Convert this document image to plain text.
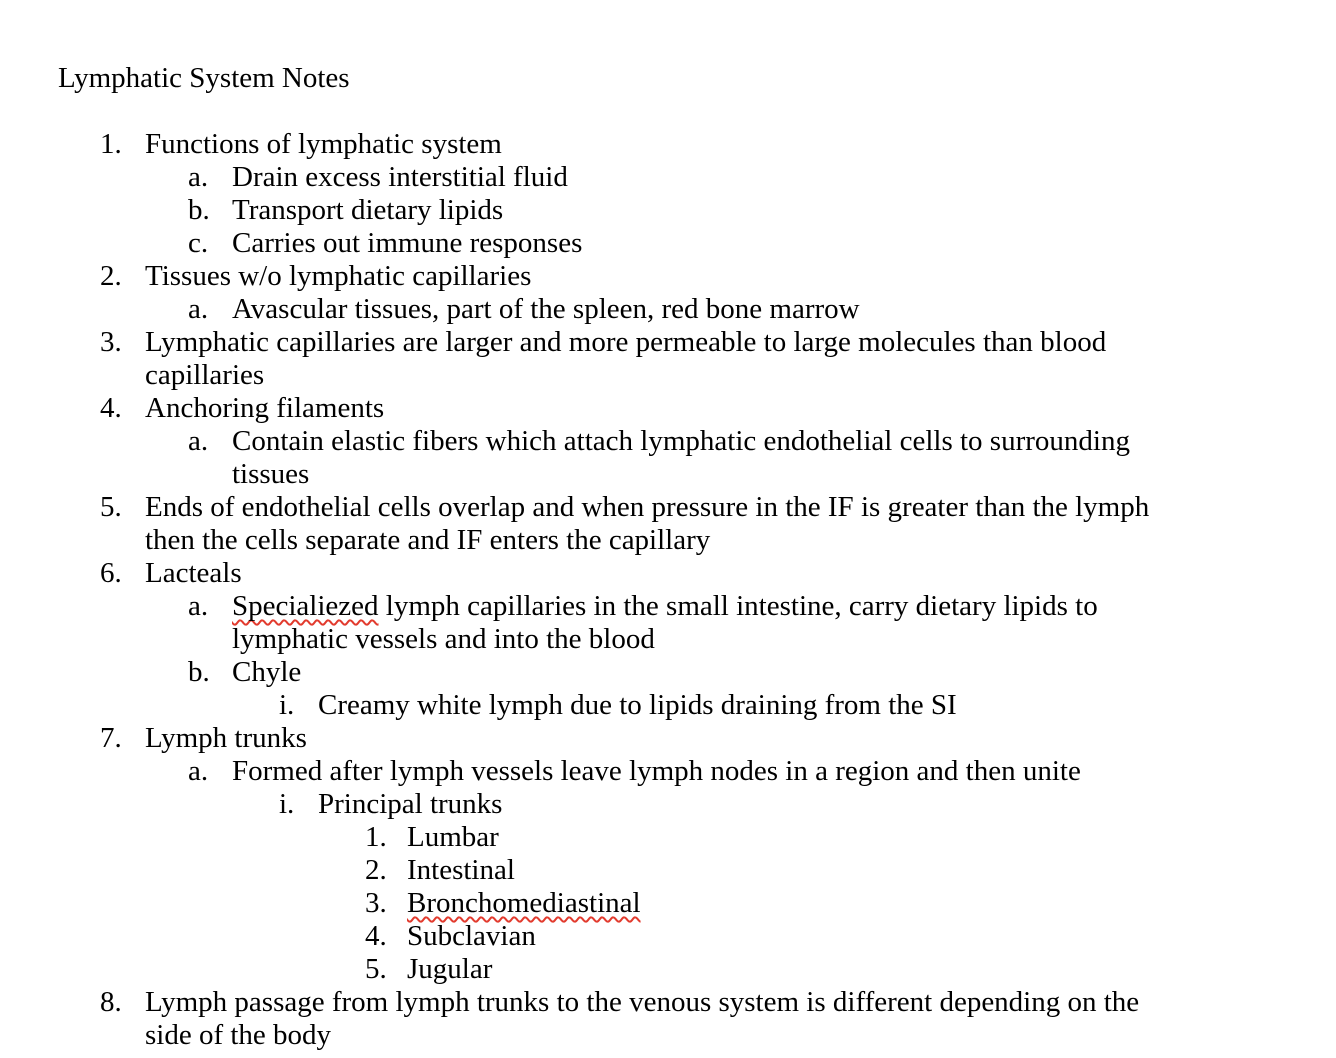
Lymphatic System Notes
1. Functions of lymphatic system
a. Drain excess interstitial fluid
b. Transport dietary lipids
c. Carries out immune responses
2. Tissues w/o lymphatic capillaries
a. Avascular tissues, part of the spleen, red bone marrow
3. Lymphatic capillaries are larger and more permeable to large molecules than blood
capillaries
4. Anchoring filaments
a. Contain elastic fibers which attach lymphatic endothelial cells to surrounding
tissues
5. Ends of endothelial cells overlap and when pressure in the IF is greater than the lymph
then the cells separate and IF enters the capillary
6. Lacteals
a. Specialiezed lymph capillaries in the small intestine, carry dietary lipids to
lymphatic vessels and into the blood
b. Chyle
i. Creamy white lymph due to lipids draining from the SI
7. Lymph trunks
a. Formed after lymph vessels leave lymph nodes in a region and then unite
i. Principal trunks
1. Lumbar
2. Intestinal
3. Bronchomediastinal
4. Subclavian
5. Jugular
8. Lymph passage from lymph trunks to the venous system is different depending on the
side of the body
